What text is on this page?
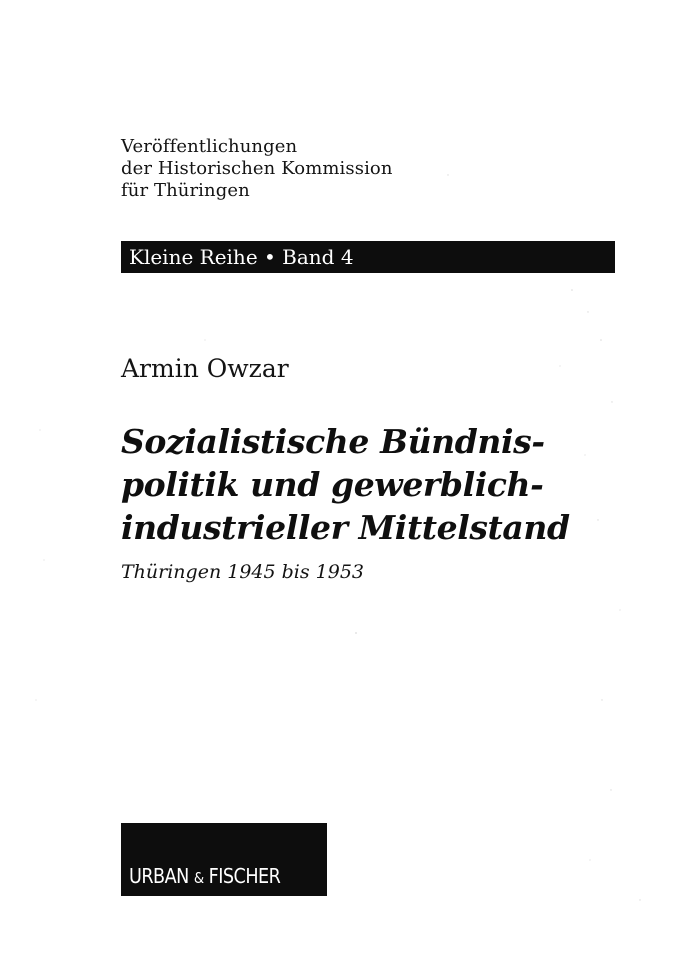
Veröffentlichungen
der Historischen Kommission
für Thüringen
Kleine Reihe • Band 4
Armin Owzar
Sozialistische Bündnis-
politik und gewerblich-
industrieller Mittelstand
Thüringen 1945 bis 1953
URBAN & FISCHER
